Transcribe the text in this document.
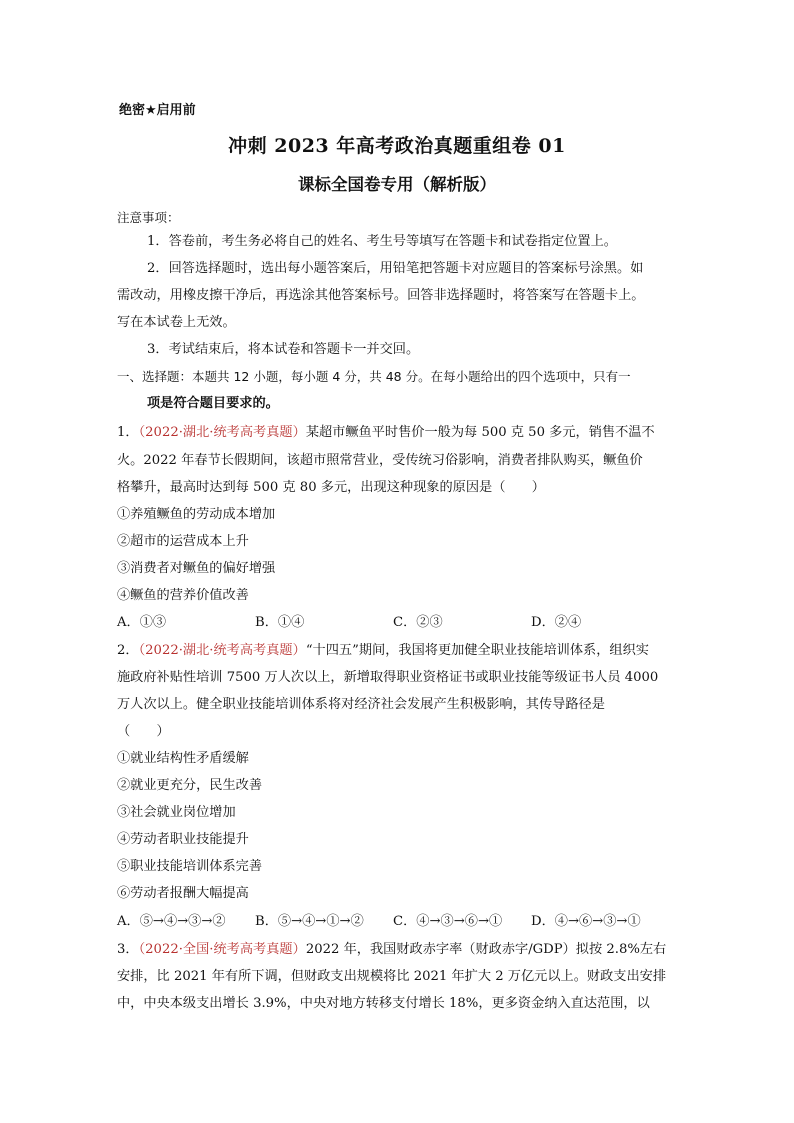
绝密★启用前
冲刺 2023 年高考政治真题重组卷 01
课标全国卷专用（解析版）
注意事项：
1．答卷前，考生务必将自己的姓名、考生号等填写在答题卡和试卷指定位置上。
2．回答选择题时，选出每小题答案后，用铅笔把答题卡对应题目的答案标号涂黑。如
需改动，用橡皮擦干净后，再选涂其他答案标号。回答非选择题时，将答案写在答题卡上。
写在本试卷上无效。
3．考试结束后，将本试卷和答题卡一并交回。
一、选择题：本题共 12 小题，每小题 4 分，共 48 分。在每小题给出的四个选项中，只有一
项是符合题目要求的。
1．（2022·湖北·统考高考真题）某超市鳜鱼平时售价一般为每 500 克 50 多元，销售不温不
火。2022 年春节长假期间，该超市照常营业，受传统习俗影响，消费者排队购买，鳜鱼价
格攀升，最高时达到每 500 克 80 多元，出现这种现象的原因是（　　）
①养殖鳜鱼的劳动成本增加
②超市的运营成本上升
③消费者对鳜鱼的偏好增强
④鳜鱼的营养价值改善
A．①③	B．①④	C．②③	D．②④
2．（2022·湖北·统考高考真题）“十四五”期间，我国将更加健全职业技能培训体系，组织实
施政府补贴性培训 7500 万人次以上，新增取得职业资格证书或职业技能等级证书人员 4000
万人次以上。健全职业技能培训体系将对经济社会发展产生积极影响，其传导路径是
（　　）
①就业结构性矛盾缓解
②就业更充分，民生改善
③社会就业岗位增加
④劳动者职业技能提升
⑤职业技能培训体系完善
⑥劳动者报酬大幅提高
A．⑤→④→③→② B．⑤→④→①→② C．④→③→⑥→① D．④→⑥→③→①
3．（2022·全国·统考高考真题）2022 年，我国财政赤字率（财政赤字/GDP）拟按 2.8%左右
安排，比 2021 年有所下调，但财政支出规模将比 2021 年扩大 2 万亿元以上。财政支出安排
中，中央本级支出增长 3.9%，中央对地方转移支付增长 18%，更多资金纳入直达范围，以
